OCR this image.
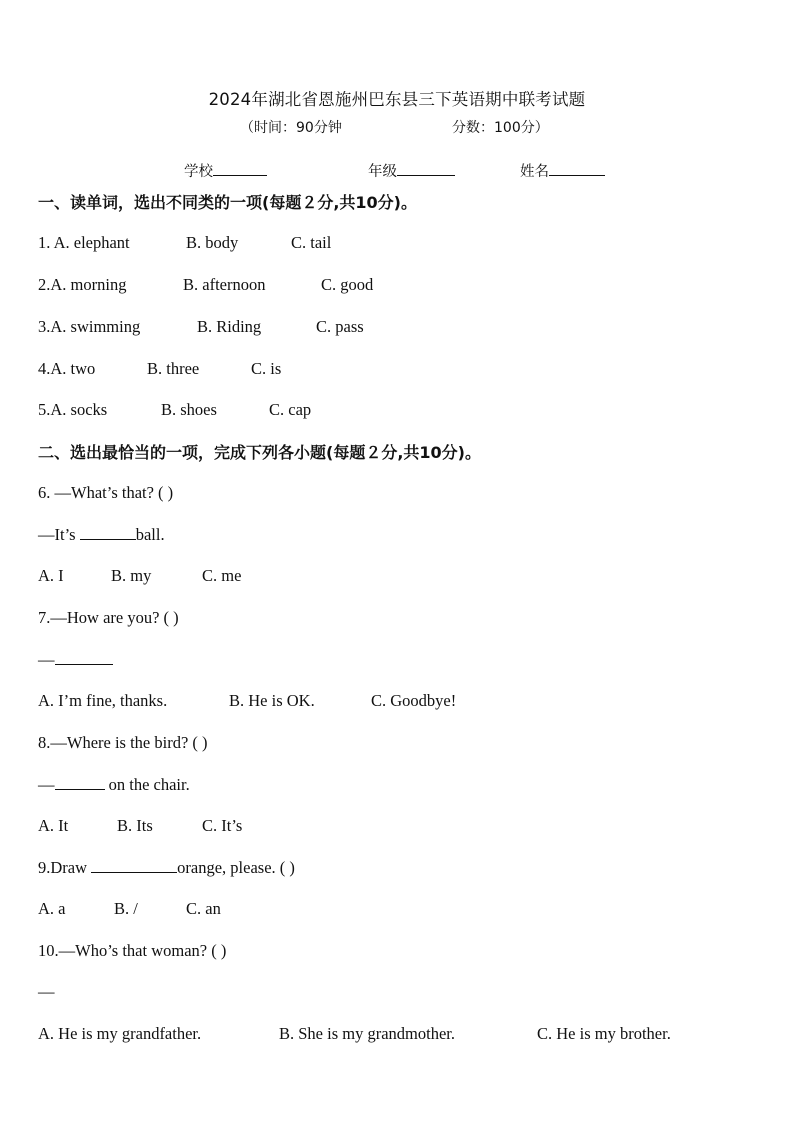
2024年湖北省恩施州巴东县三下英语期中联考试题
（时间：90分钟	分数：100分）
学校	年级	姓名
一、读单词，选出不同类的一项(每题２分,共10分)。
1. A. elephant	B. body	C. tail
2.A. morning	B. afternoon	C. good
3.A. swimming	B. Riding	C. pass
4.A. two	B. three	C. is
5.A. socks	B. shoes	C. cap
二、选出最恰当的一项，完成下列各小题(每题２分,共10分)。
6. —What’s that? ( )
—It’s	ball.
A. I	B. my	C. me
7.—How are you? ( )
—
A. I’m fine, thanks.	B. He is OK.	C. Goodbye!
8.—Where is the bird? ( )
—	on the chair.
A. It	B. Its	C. It’s
9.Draw	orange, please. ( )
A. a	B. /	C. an
10.—Who’s that woman? ( )
—
A. He is my grandfather.	B. She is my grandmother.	C. He is my brother.
